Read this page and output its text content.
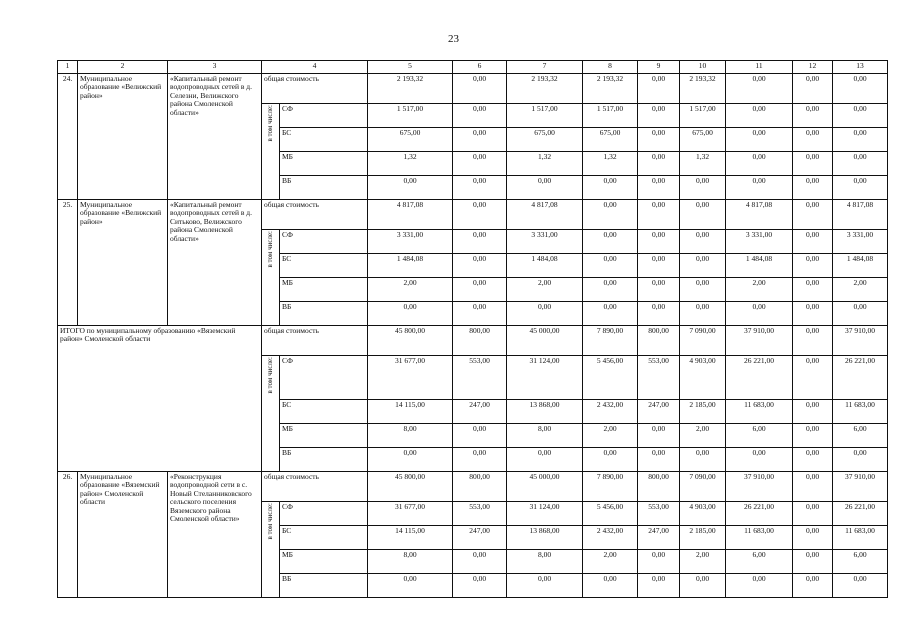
23
1	2	3	4		5	6	7	8	9	10	11	12	13
24.	Муниципальное образование «Велижский район»	«Капитальный ремонт водопроводных сетей в д. Селезни, Велижского района Смоленской области»	общая стоимость		2 193,32	0,00	2 193,32	2 193,32	0,00	2 193,32	0,00	0,00	0,00

			в том числе:	СФ	1 517,00	0,00	1 517,00	1 517,00	0,00	1 517,00	0,00	0,00	0,00
				БС	675,00	0,00	675,00	675,00	0,00	675,00	0,00	0,00	0,00
				МБ	1,32	0,00	1,32	1,32	0,00	1,32	0,00	0,00	0,00
				ВБ	0,00	0,00	0,00	0,00	0,00	0,00	0,00	0,00	0,00
25.	Муниципальное образование «Велижский район»	«Капитальный ремонт водопроводных сетей в д. Ситьково, Велижского района Смоленской области»	общая стоимость		4 817,08	0,00	4 817,08	0,00	0,00	0,00	4 817,08	0,00	4 817,08

			в том числе:	СФ	3 331,00	0,00	3 331,00	0,00	0,00	0,00	3 331,00	0,00	3 331,00
				БС	1 484,08	0,00	1 484,08	0,00	0,00	0,00	1 484,08	0,00	1 484,08
				МБ	2,00	0,00	2,00	0,00	0,00	0,00	2,00	0,00	2,00
				ВБ	0,00	0,00	0,00	0,00	0,00	0,00	0,00	0,00	0,00
ИТОГО по муниципальному образованию «Вяземский район» Смоленской области			общая стоимость		45 800,00	800,00	45 000,00	7 890,00	800,00	7 090,00	37 910,00	0,00	37 910,00

			в том числе:	СФ	31 677,00	553,00	31 124,00	5 456,00	553,00	4 903,00	26 221,00	0,00	26 221,00
				БС	14 115,00	247,00	13 868,00	2 432,00	247,00	2 185,00	11 683,00	0,00	11 683,00
				МБ	8,00	0,00	8,00	2,00	0,00	2,00	6,00	0,00	6,00
				ВБ	0,00	0,00	0,00	0,00	0,00	0,00	0,00	0,00	0,00
26.	Муниципальное образование «Вяземский район» Смоленской области	«Реконструкция водопроводной сети в с. Новый Стеланниковского сельского поселения Вяземского района Смоленской области»	общая стоимость		45 800,00	800,00	45 000,00	7 890,00	800,00	7 090,00	37 910,00	0,00	37 910,00

			в том числе:	СФ	31 677,00	553,00	31 124,00	5 456,00	553,00	4 903,00	26 221,00	0,00	26 221,00
				БС	14 115,00	247,00	13 868,00	2 432,00	247,00	2 185,00	11 683,00	0,00	11 683,00
				МБ	8,00	0,00	8,00	2,00	0,00	2,00	6,00	0,00	6,00
				ВБ	0,00	0,00	0,00	0,00	0,00	0,00	0,00	0,00	0,00
